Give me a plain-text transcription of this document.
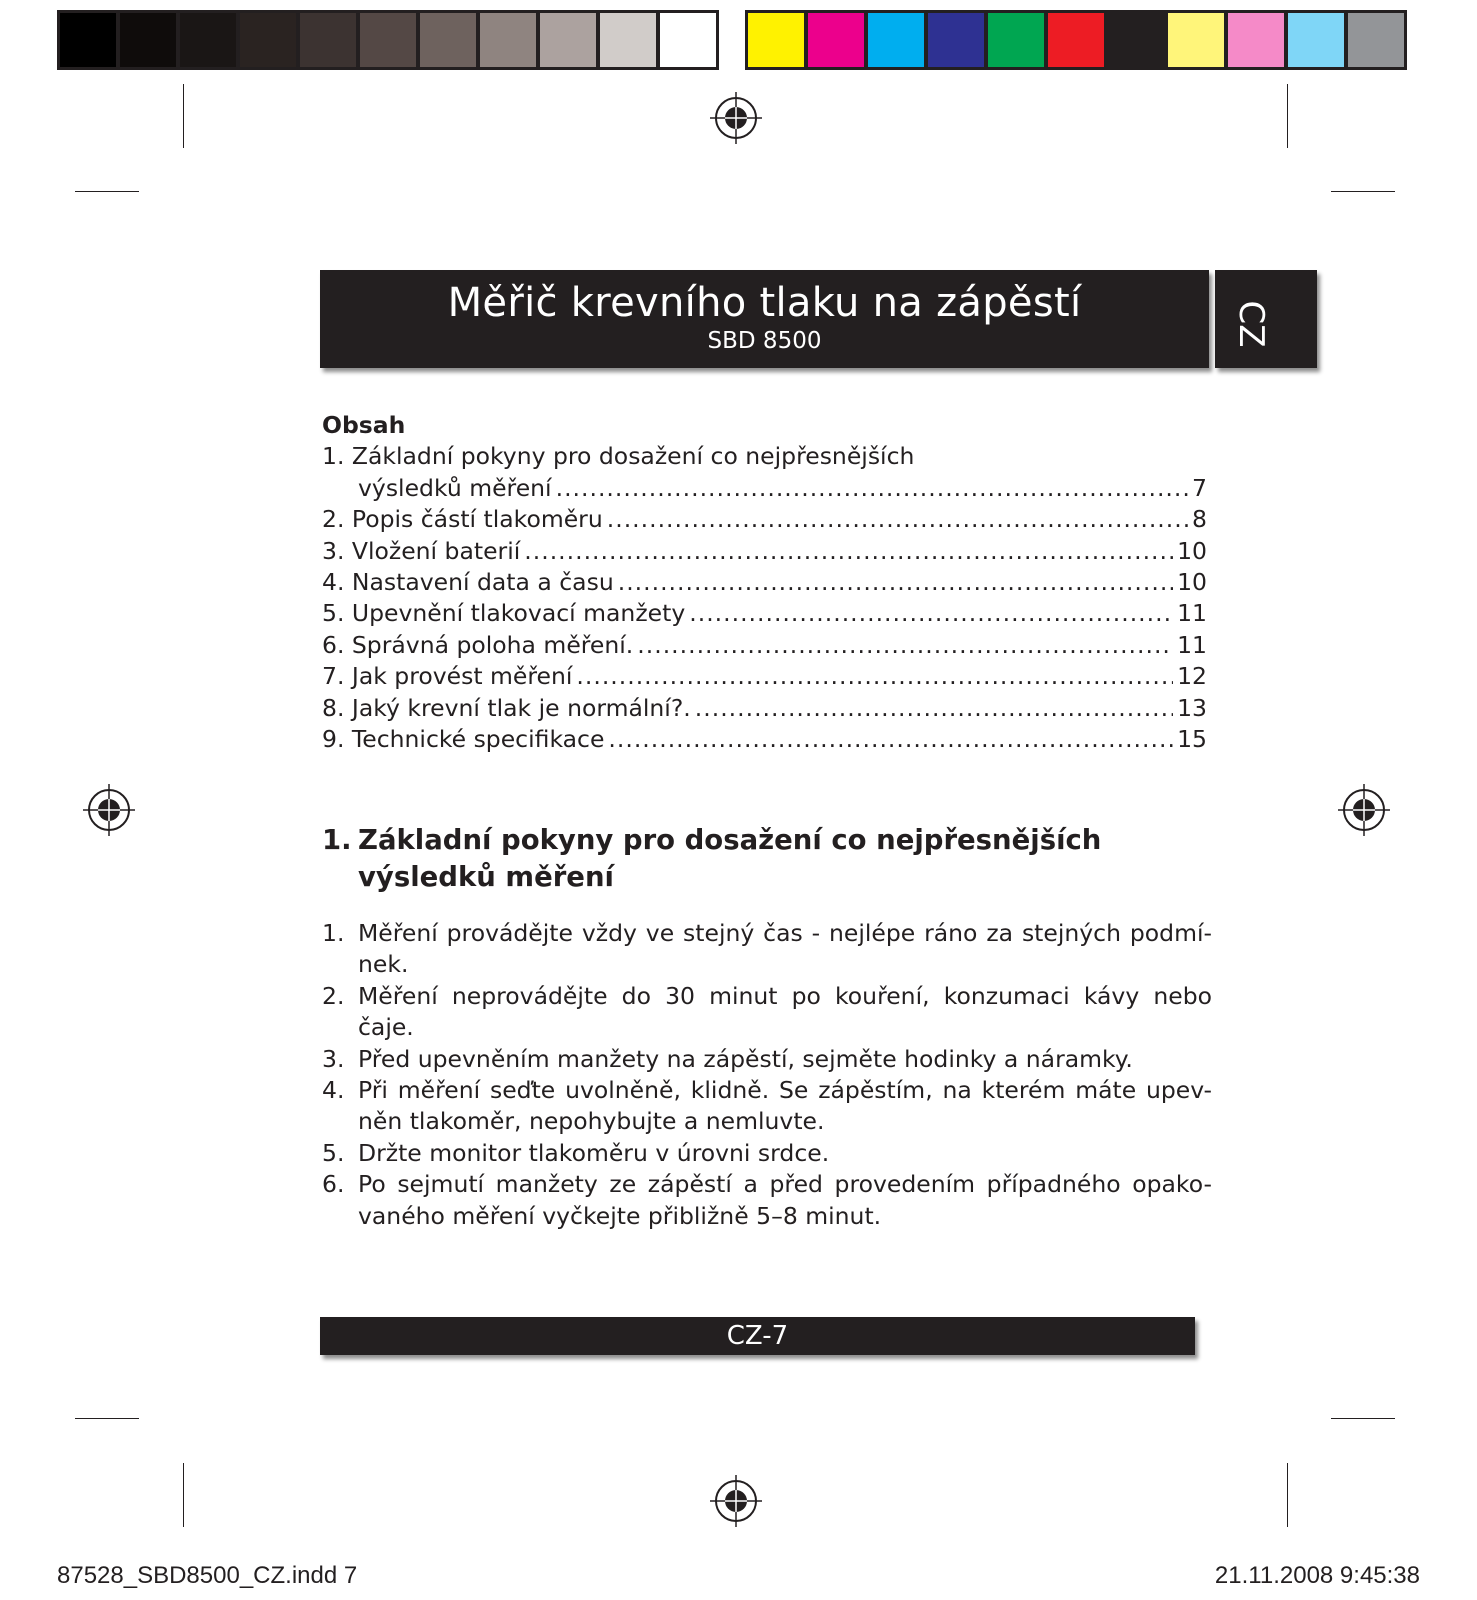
Měřič krevního tlaku na zápěstí
SBD 8500	CZ
Obsah
1. Základní pokyny pro dosažení co nejpřesnějších
výsledků měření .....	7
2. Popis částí tlakoměru .....	8
3. Vložení baterií .....	10
4. Nastavení data a času .....	10
5. Upevnění tlakovací manžety .....	11
6. Správná poloha měření. .....	11
7. Jak provést měření .....	12
8. Jaký krevní tlak je normální?. .....	13
9. Technické specifikace .....	15
1. Základní pokyny pro dosažení co nejpřesnějších výsledků měření
1. Měření provádějte vždy ve stejný čas - nejlépe ráno za stejných podmí-nek.
2. Měření neprovádějte do 30 minut po kouření, konzumaci kávy nebo čaje.
3. Před upevněním manžety na zápěstí, sejměte hodinky a náramky.
4. Při měření seďte uvolněně, klidně. Se zápěstím, na kterém máte upev-něn tlakoměr, nepohybujte a nemluvte.
5. Držte monitor tlakoměru v úrovni srdce.
6. Po sejmutí manžety ze zápěstí a před provedením případného opako-vaného měření vyčkejte přibližně 5–8 minut.
CZ-7
87528_SBD8500_CZ.indd 7	21.11.2008 9:45:38
